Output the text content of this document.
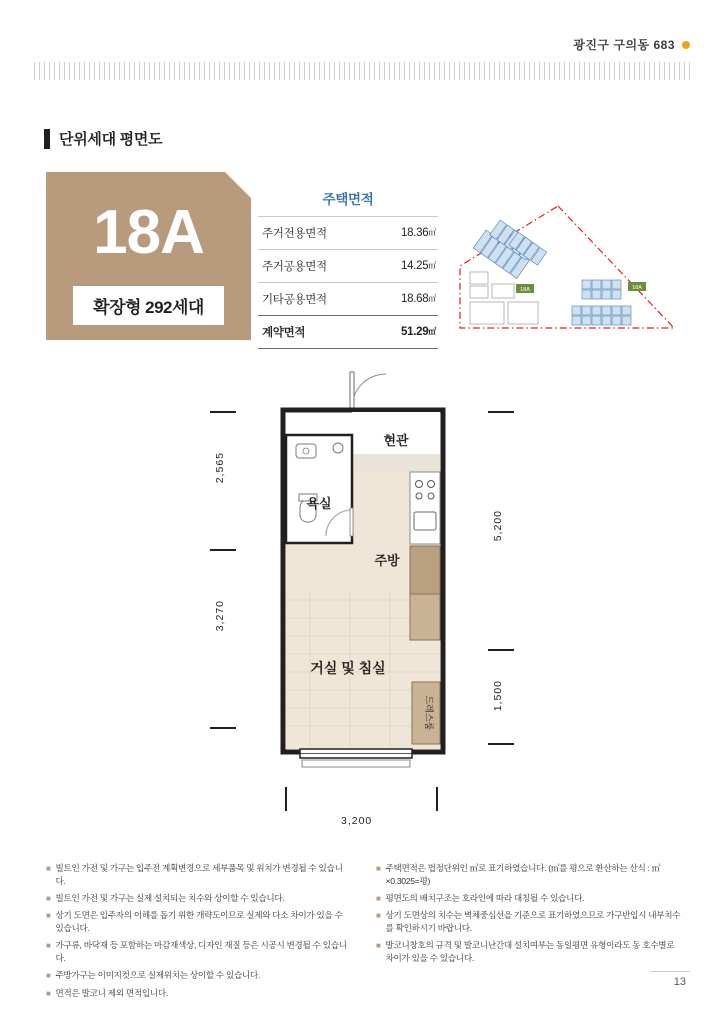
광진구 구의동 683
단위세대 평면도
18A
확장형 292세대
주택면적
주거전용면적	18.36㎡
주거공용면적	14.25㎡
기타공용면적	18.68㎡
계약면적	51.29㎡
18A	18A
드레스룸
현관
욕실
주방
거실 및 침실
2,565
3,270
5,200
1,500
3,200
■ 빌트인 가전 및 가구는 입주전 계획변경으로 세부품목 및 위치가 변경될 수 있습니다.
■ 빌트인 가전 및 가구는 실제 설치되는 치수와 상이할 수 있습니다.
■ 상기 도면은 입주자의 이해를 돕기 위한 개략도이므로 실제와 다소 차이가 있을 수 있습니다.
■ 가구류, 바닥재 등 포함하는 마감재색상, 디자인 재질 등은 시공시 변경될 수 있습니다.
■ 주방가구는 이미지컷으로 실제위치는 상이할 수 있습니다.
■ 면적은 발코니 제외 면적입니다.
■ 주택면적은 법정단위인 ㎡로 표기하였습니다. (㎡를 평으로 환산하는 산식 : ㎡×0.3025=평)
■ 평면도의 배치구조는 호라인에 따라 대칭될 수 있습니다.
■ 상기 도면상의 치수는 벽체중심선을 기준으로 표기하였으므로 가구반입시 내부치수를 확인하시기 바랍니다.
■ 발코니창호의 규격 및 발코니난간대 설치여부는 동일평면 유형이라도 동 호수별로 차이가 있을 수 있습니다.
13
